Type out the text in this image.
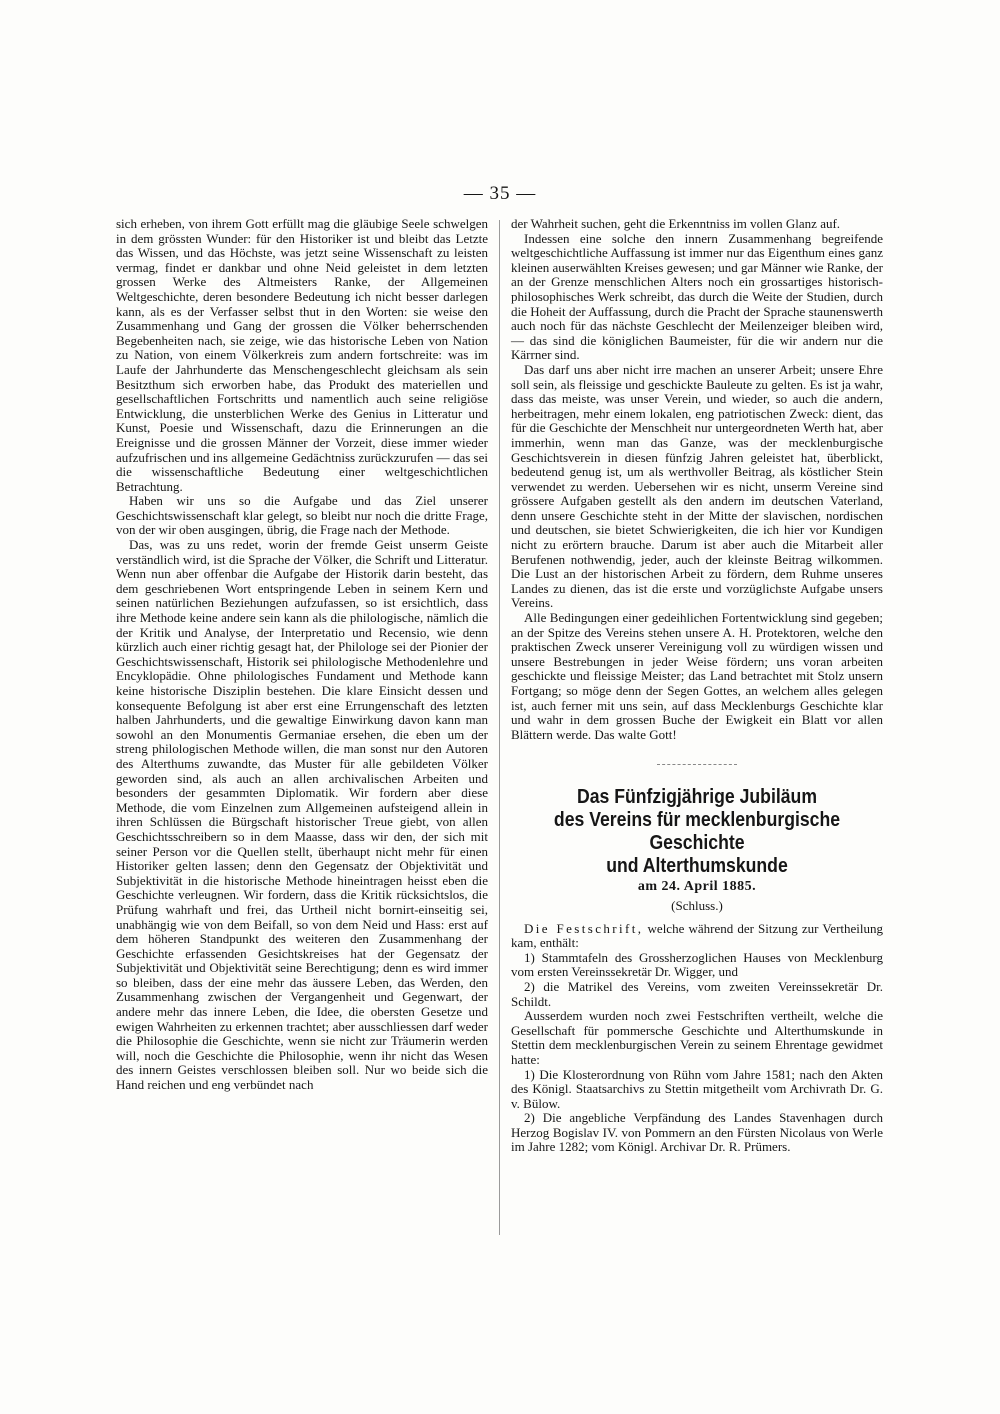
— 35 —

sich erheben, von ihrem Gott erfüllt mag die gläubige Seele schwelgen in dem grössten Wunder: für den Historiker ist und bleibt das Letzte das Wissen, und das Höchste, was jetzt seine Wissenschaft zu leisten vermag, findet er dankbar und ohne Neid geleistet in dem letzten grossen Werke des Altmeisters Ranke, der Allgemeinen Weltgeschichte, deren besondere Bedeutung ich nicht besser darlegen kann, als es der Verfasser selbst thut in den Worten: sie weise den Zusammenhang und Gang der grossen die Völker beherrschenden Begebenheiten nach, sie zeige, wie das historische Leben von Nation zu Nation, von einem Völkerkreis zum andern fortschreite: was im Laufe der Jahrhunderte das Menschengeschlecht gleichsam als sein Besitzthum sich erworben habe, das Produkt des materiellen und gesellschaftlichen Fortschritts und namentlich auch seine religiöse Entwicklung, die unsterblichen Werke des Genius in Litteratur und Kunst, Poesie und Wissenschaft, dazu die Erinnerungen an die Ereignisse und die grossen Männer der Vorzeit, diese immer wieder aufzufrischen und ins allgemeine Gedächtniss zurückzurufen — das sei die wissenschaftliche Bedeutung einer weltgeschichtlichen Betrachtung.

Haben wir uns so die Aufgabe und das Ziel unserer Geschichtswissenschaft klar gelegt, so bleibt nur noch die dritte Frage, von der wir oben ausgingen, übrig, die Frage nach der Methode.

Das, was zu uns redet, worin der fremde Geist unserm Geiste verständlich wird, ist die Sprache der Völker, die Schrift und Litteratur. Wenn nun aber offenbar die Aufgabe der Historik darin besteht, das dem geschriebenen Wort entspringende Leben in seinem Kern und seinen natürlichen Beziehungen aufzufassen, so ist ersichtlich, dass ihre Methode keine andere sein kann als die philologische, nämlich die der Kritik und Analyse, der Interpretatio und Recensio, wie denn kürzlich auch einer richtig gesagt hat, der Philologe sei der Pionier der Geschichtswissenschaft, Historik sei philologische Methodenlehre und Encyklopädie. Ohne philologisches Fundament und Methode kann keine historische Disziplin bestehen. Die klare Einsicht dessen und konsequente Befolgung ist aber erst eine Errungenschaft des letzten halben Jahrhunderts, und die gewaltige Einwirkung davon kann man sowohl an den Monumentis Germaniae ersehen, die eben um der streng philologischen Methode willen, die man sonst nur den Autoren des Alterthums zuwandte, das Muster für alle gebildeten Völker geworden sind, als auch an allen archivalischen Arbeiten und besonders der gesammten Diplomatik. Wir fordern aber diese Methode, die vom Einzelnen zum Allgemeinen aufsteigend allein in ihren Schlüssen die Bürgschaft historischer Treue giebt, von allen Geschichtsschreibern so in dem Maasse, dass wir den, der sich mit seiner Person vor die Quellen stellt, überhaupt nicht mehr für einen Historiker gelten lassen; denn den Gegensatz der Objektivität und Subjektivität in die historische Methode hineintragen heisst eben die Geschichte verleugnen. Wir fordern, dass die Kritik rücksichtslos, die Prüfung wahrhaft und frei, das Urtheil nicht bornirt-einseitig sei, unabhängig wie von dem Beifall, so von dem Neid und Hass: erst auf dem höheren Standpunkt des weiteren den Zusammenhang der Geschichte erfassenden Gesichtskreises hat der Gegensatz der Subjektivität und Objektivität seine Berechtigung; denn es wird immer so bleiben, dass der eine mehr das äussere Leben, das Werden, den Zusammenhang zwischen der Vergangenheit und Gegenwart, der andere mehr das innere Leben, die Idee, die obersten Gesetze und ewigen Wahrheiten zu erkennen trachtet; aber ausschliessen darf weder die Philosophie die Geschichte, wenn sie nicht zur Träumerin werden will, noch die Geschichte die Philosophie, wenn ihr nicht das Wesen des innern Geistes verschlossen bleiben soll. Nur wo beide sich die Hand reichen und eng verbündet nach

der Wahrheit suchen, geht die Erkenntniss im vollen Glanz auf.

Indessen eine solche den innern Zusammenhang begreifende weltgeschichtliche Auffassung ist immer nur das Eigenthum eines ganz kleinen auserwählten Kreises gewesen; und gar Männer wie Ranke, der an der Grenze menschlichen Alters noch ein grossartiges historisch-philosophisches Werk schreibt, das durch die Weite der Studien, durch die Hoheit der Auffassung, durch die Pracht der Sprache staunenswerth auch noch für das nächste Geschlecht der Meilenzeiger bleiben wird, — das sind die königlichen Baumeister, für die wir andern nur die Kärrner sind.

Das darf uns aber nicht irre machen an unserer Arbeit; unsere Ehre soll sein, als fleissige und geschickte Bauleute zu gelten. Es ist ja wahr, dass das meiste, was unser Verein, und wieder, so auch die andern, herbeitragen, mehr einem lokalen, eng patriotischen Zweck: dient, das für die Geschichte der Menschheit nur untergeordneten Werth hat, aber immerhin, wenn man das Ganze, was der mecklenburgische Geschichtsverein in diesen fünfzig Jahren geleistet hat, überblickt, bedeutend genug ist, um als werthvoller Beitrag, als köstlicher Stein verwendet zu werden. Uebersehen wir es nicht, unserm Vereine sind grössere Aufgaben gestellt als den andern im deutschen Vaterland, denn unsere Geschichte steht in der Mitte der slavischen, nordischen und deutschen, sie bietet Schwierigkeiten, die ich hier vor Kundigen nicht zu erörtern brauche. Darum ist aber auch die Mitarbeit aller Berufenen nothwendig, jeder, auch der kleinste Beitrag wilkommen. Die Lust an der historischen Arbeit zu fördern, dem Ruhme unseres Landes zu dienen, das ist die erste und vorzüglichste Aufgabe unsers Vereins.

Alle Bedingungen einer gedeihlichen Fortentwicklung sind gegeben; an der Spitze des Vereins stehen unsere A. H. Protektoren, welche den praktischen Zweck unserer Vereinigung voll zu würdigen wissen und unsere Bestrebungen in jeder Weise fördern; uns voran arbeiten geschickte und fleissige Meister; das Land betrachtet mit Stolz unsern Fortgang; so möge denn der Segen Gottes, an welchem alles gelegen ist, auch ferner mit uns sein, auf dass Mecklenburgs Geschichte klar und wahr in dem grossen Buche der Ewigkeit ein Blatt vor allen Blättern werde. Das walte Gott!

Das Fünfzigjährige Jubiläum
des Vereins für mecklenburgische Geschichte
und Alterthumskunde
am 24. April 1885.
(Schluss.)

Die Festschrift, welche während der Sitzung zur Vertheilung kam, enthält:

1) Stammtafeln des Grossherzoglichen Hauses von Mecklenburg vom ersten Vereinssekretär Dr. Wigger, und

2) die Matrikel des Vereins, vom zweiten Vereinssekretär Dr. Schildt.

Ausserdem wurden noch zwei Festschriften vertheilt, welche die Gesellschaft für pommersche Geschichte und Alterthumskunde in Stettin dem mecklenburgischen Verein zu seinem Ehrentage gewidmet hatte:

1) Die Klosterordnung von Rühn vom Jahre 1581; nach den Akten des Königl. Staatsarchivs zu Stettin mitgetheilt vom Archivrath Dr. G. v. Bülow.

2) Die angebliche Verpfändung des Landes Stavenhagen durch Herzog Bogislav IV. von Pommern an den Fürsten Nicolaus von Werle im Jahre 1282; vom Königl. Archivar Dr. R. Prümers.
